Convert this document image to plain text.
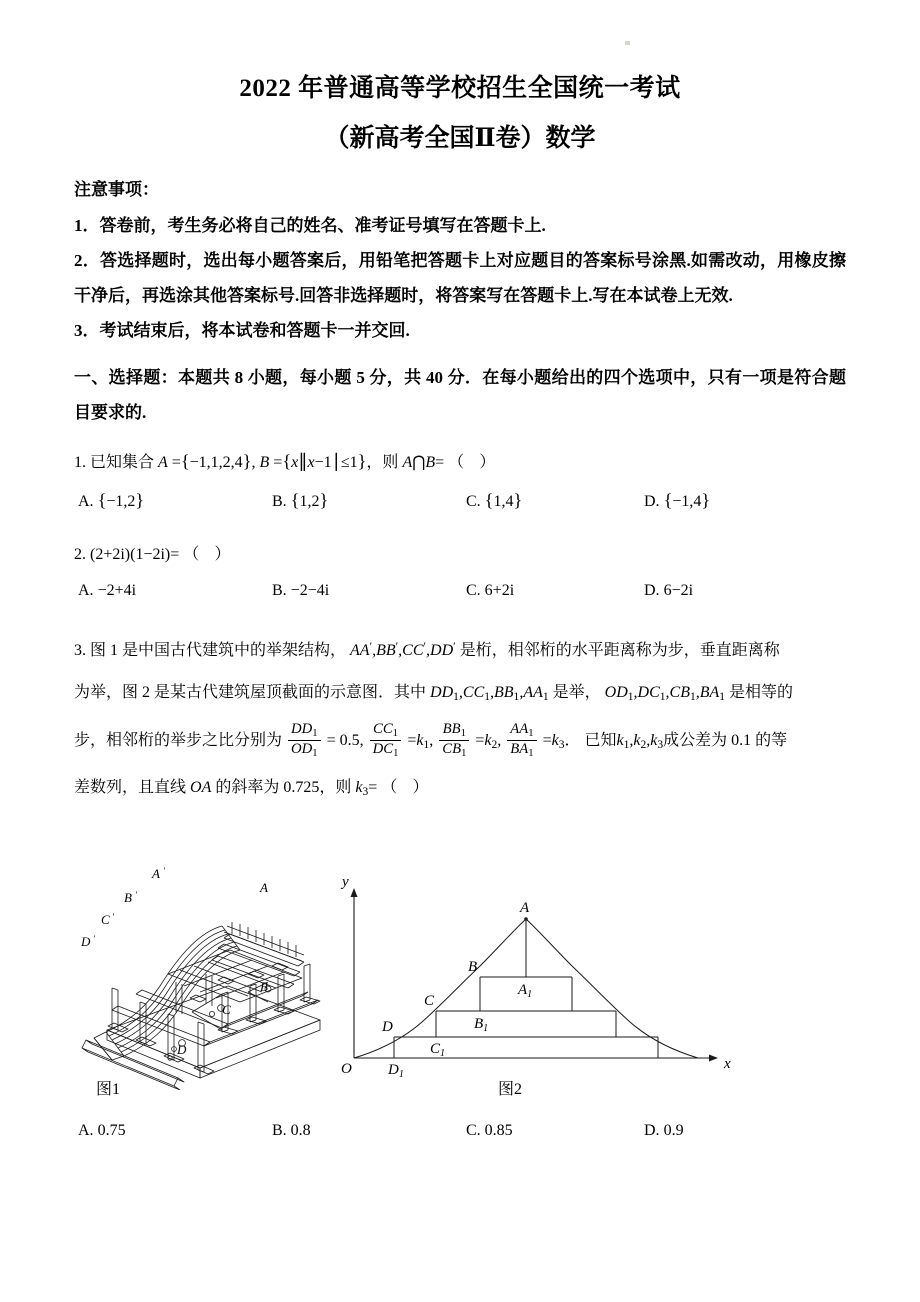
2022 年普通高等学校招生全国统一考试
（新高考全国Ⅱ卷）数学
注意事项：
1．答卷前，考生务必将自己的姓名、准考证号填写在答题卡上.
2．答选择题时，选出每小题答案后，用铅笔把答题卡上对应题目的答案标号涂黑.如需改动，用橡皮擦干净后，再选涂其他答案标号.回答非选择题时，将答案写在答题卡上.写在本试卷上无效.
3．考试结束后，将本试卷和答题卡一并交回.
一、选择题：本题共 8 小题，每小题 5 分，共 40 分．在每小题给出的四个选项中，只有一项是符合题目要求的.
1. 已知集合 A ={−1,1,2,4}, B ={x∥x−1∣≤1}，则 A⋂B= （ ）
A. {−1,2}	B. {1,2}	C. {1,4}	D. {−1,4}
2. (2+2i)(1−2i)= （ ）
A. −2+4i	B. −2−4i	C. 6+2i	D. 6−2i
3. 图 1 是中国古代建筑中的举架结构， AA′,BB′,CC′,DD′ 是桁，相邻桁的水平距离称为步，垂直距离称
为举，图 2 是某古代建筑屋顶截面的示意图．其中 $DD_1,CC_1,BB_1,AA_1$ 是举， $OD_1,DC_1,CB_1,BA_1$ 是相等的
步，相邻桁的举步之比分别为 $\frac{DD_1}{OD_1} = 0.5$, $\frac{CC_1}{DC_1} =k_1$, $\frac{BB_1}{CB_1} =k_2$, $\frac{AA_1}{BA_1} =k_3$． 已知$k_1,k_2,k_3$成公差为 0.1 的等
差数列，且直线 OA 的斜率为 0.725，则 $k_3=$ （ ）
A ′
B ′
C ′
D ′
A
B
C
D
y
x
O
A
B
C
D
$A_1$
$B_1$
$C_1$
$D_1$
图1	图2
A. 0.75	B. 0.8	C. 0.85	D. 0.9
